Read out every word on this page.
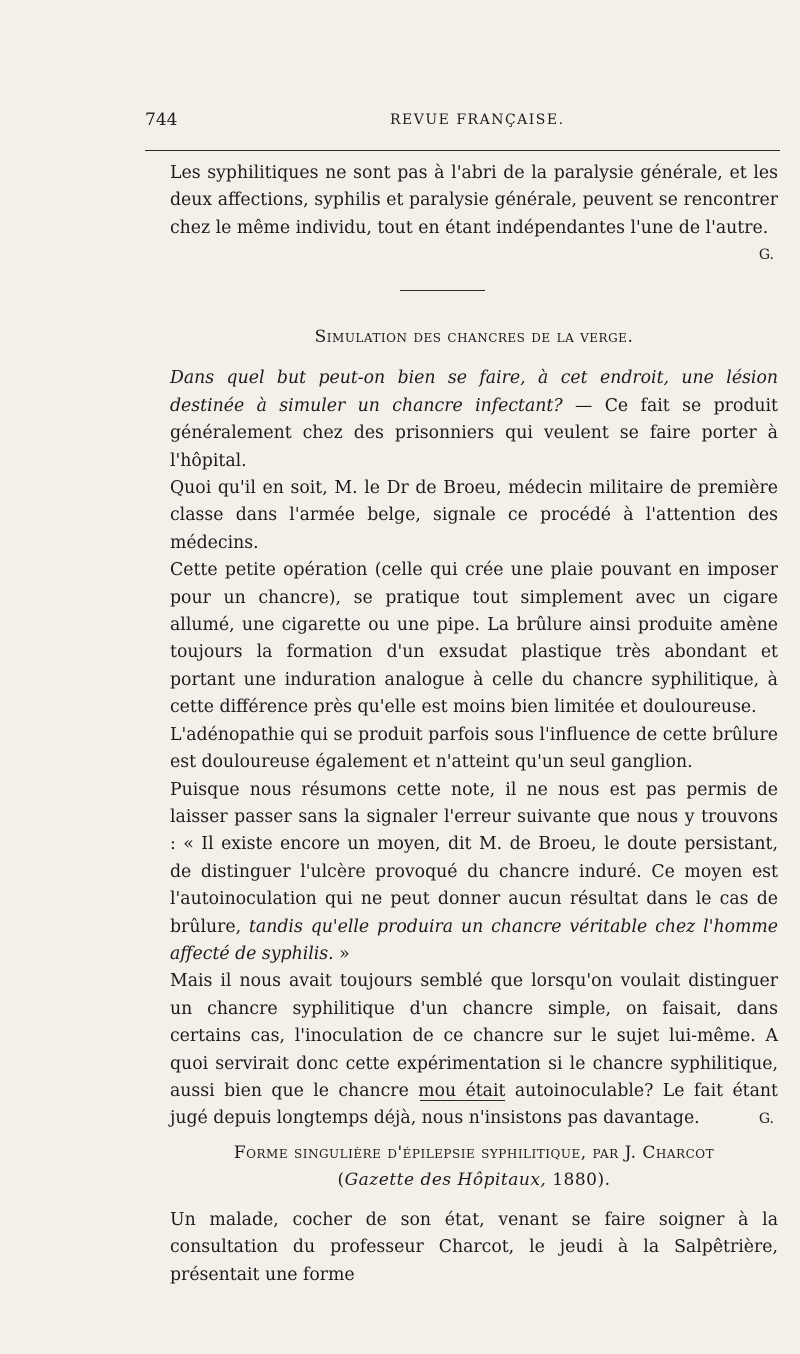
744	REVUE FRANÇAISE.

Les syphilitiques ne sont pas à l'abri de la paralysie générale, et les deux affections, syphilis et paralysie générale, peuvent se rencontrer chez le même individu, tout en étant indépendantes l'une de l'autre.

G.

Simulation des chancres de la verge.

Dans quel but peut-on bien se faire, à cet endroit, une lésion destinée à simuler un chancre infectant? — Ce fait se produit généralement chez des prisonniers qui veulent se faire porter à l'hôpital.

Quoi qu'il en soit, M. le Dr de Broeu, médecin militaire de première classe dans l'armée belge, signale ce procédé à l'attention des médecins.

Cette petite opération (celle qui crée une plaie pouvant en imposer pour un chancre), se pratique tout simplement avec un cigare allumé, une cigarette ou une pipe. La brûlure ainsi produite amène toujours la formation d'un exsudat plastique très abondant et portant une induration analogue à celle du chancre syphilitique, à cette différence près qu'elle est moins bien limitée et douloureuse.

L'adénopathie qui se produit parfois sous l'influence de cette brûlure est douloureuse également et n'atteint qu'un seul ganglion.

Puisque nous résumons cette note, il ne nous est pas permis de laisser passer sans la signaler l'erreur suivante que nous y trouvons : « Il existe encore un moyen, dit M. de Broeu, le doute persistant, de distinguer l'ulcère provoqué du chancre induré. Ce moyen est l'autoinoculation qui ne peut donner aucun résultat dans le cas de brûlure, tandis qu'elle produira un chancre véritable chez l'homme affecté de syphilis. »

Mais il nous avait toujours semblé que lorsqu'on voulait distinguer un chancre syphilitique d'un chancre simple, on faisait, dans certains cas, l'inoculation de ce chancre sur le sujet lui-même. A quoi servirait donc cette expérimentation si le chancre syphilitique, aussi bien que le chancre mou était autoinoculable? Le fait étant jugé depuis longtemps déjà, nous n'insistons pas davantage.	G.

Forme singulière d'épilepsie syphilitique, par J. Charcot (Gazette des Hôpitaux, 1880).

Un malade, cocher de son état, venant se faire soigner à la consultation du professeur Charcot, le jeudi à la Salpêtrière, présentait une forme
